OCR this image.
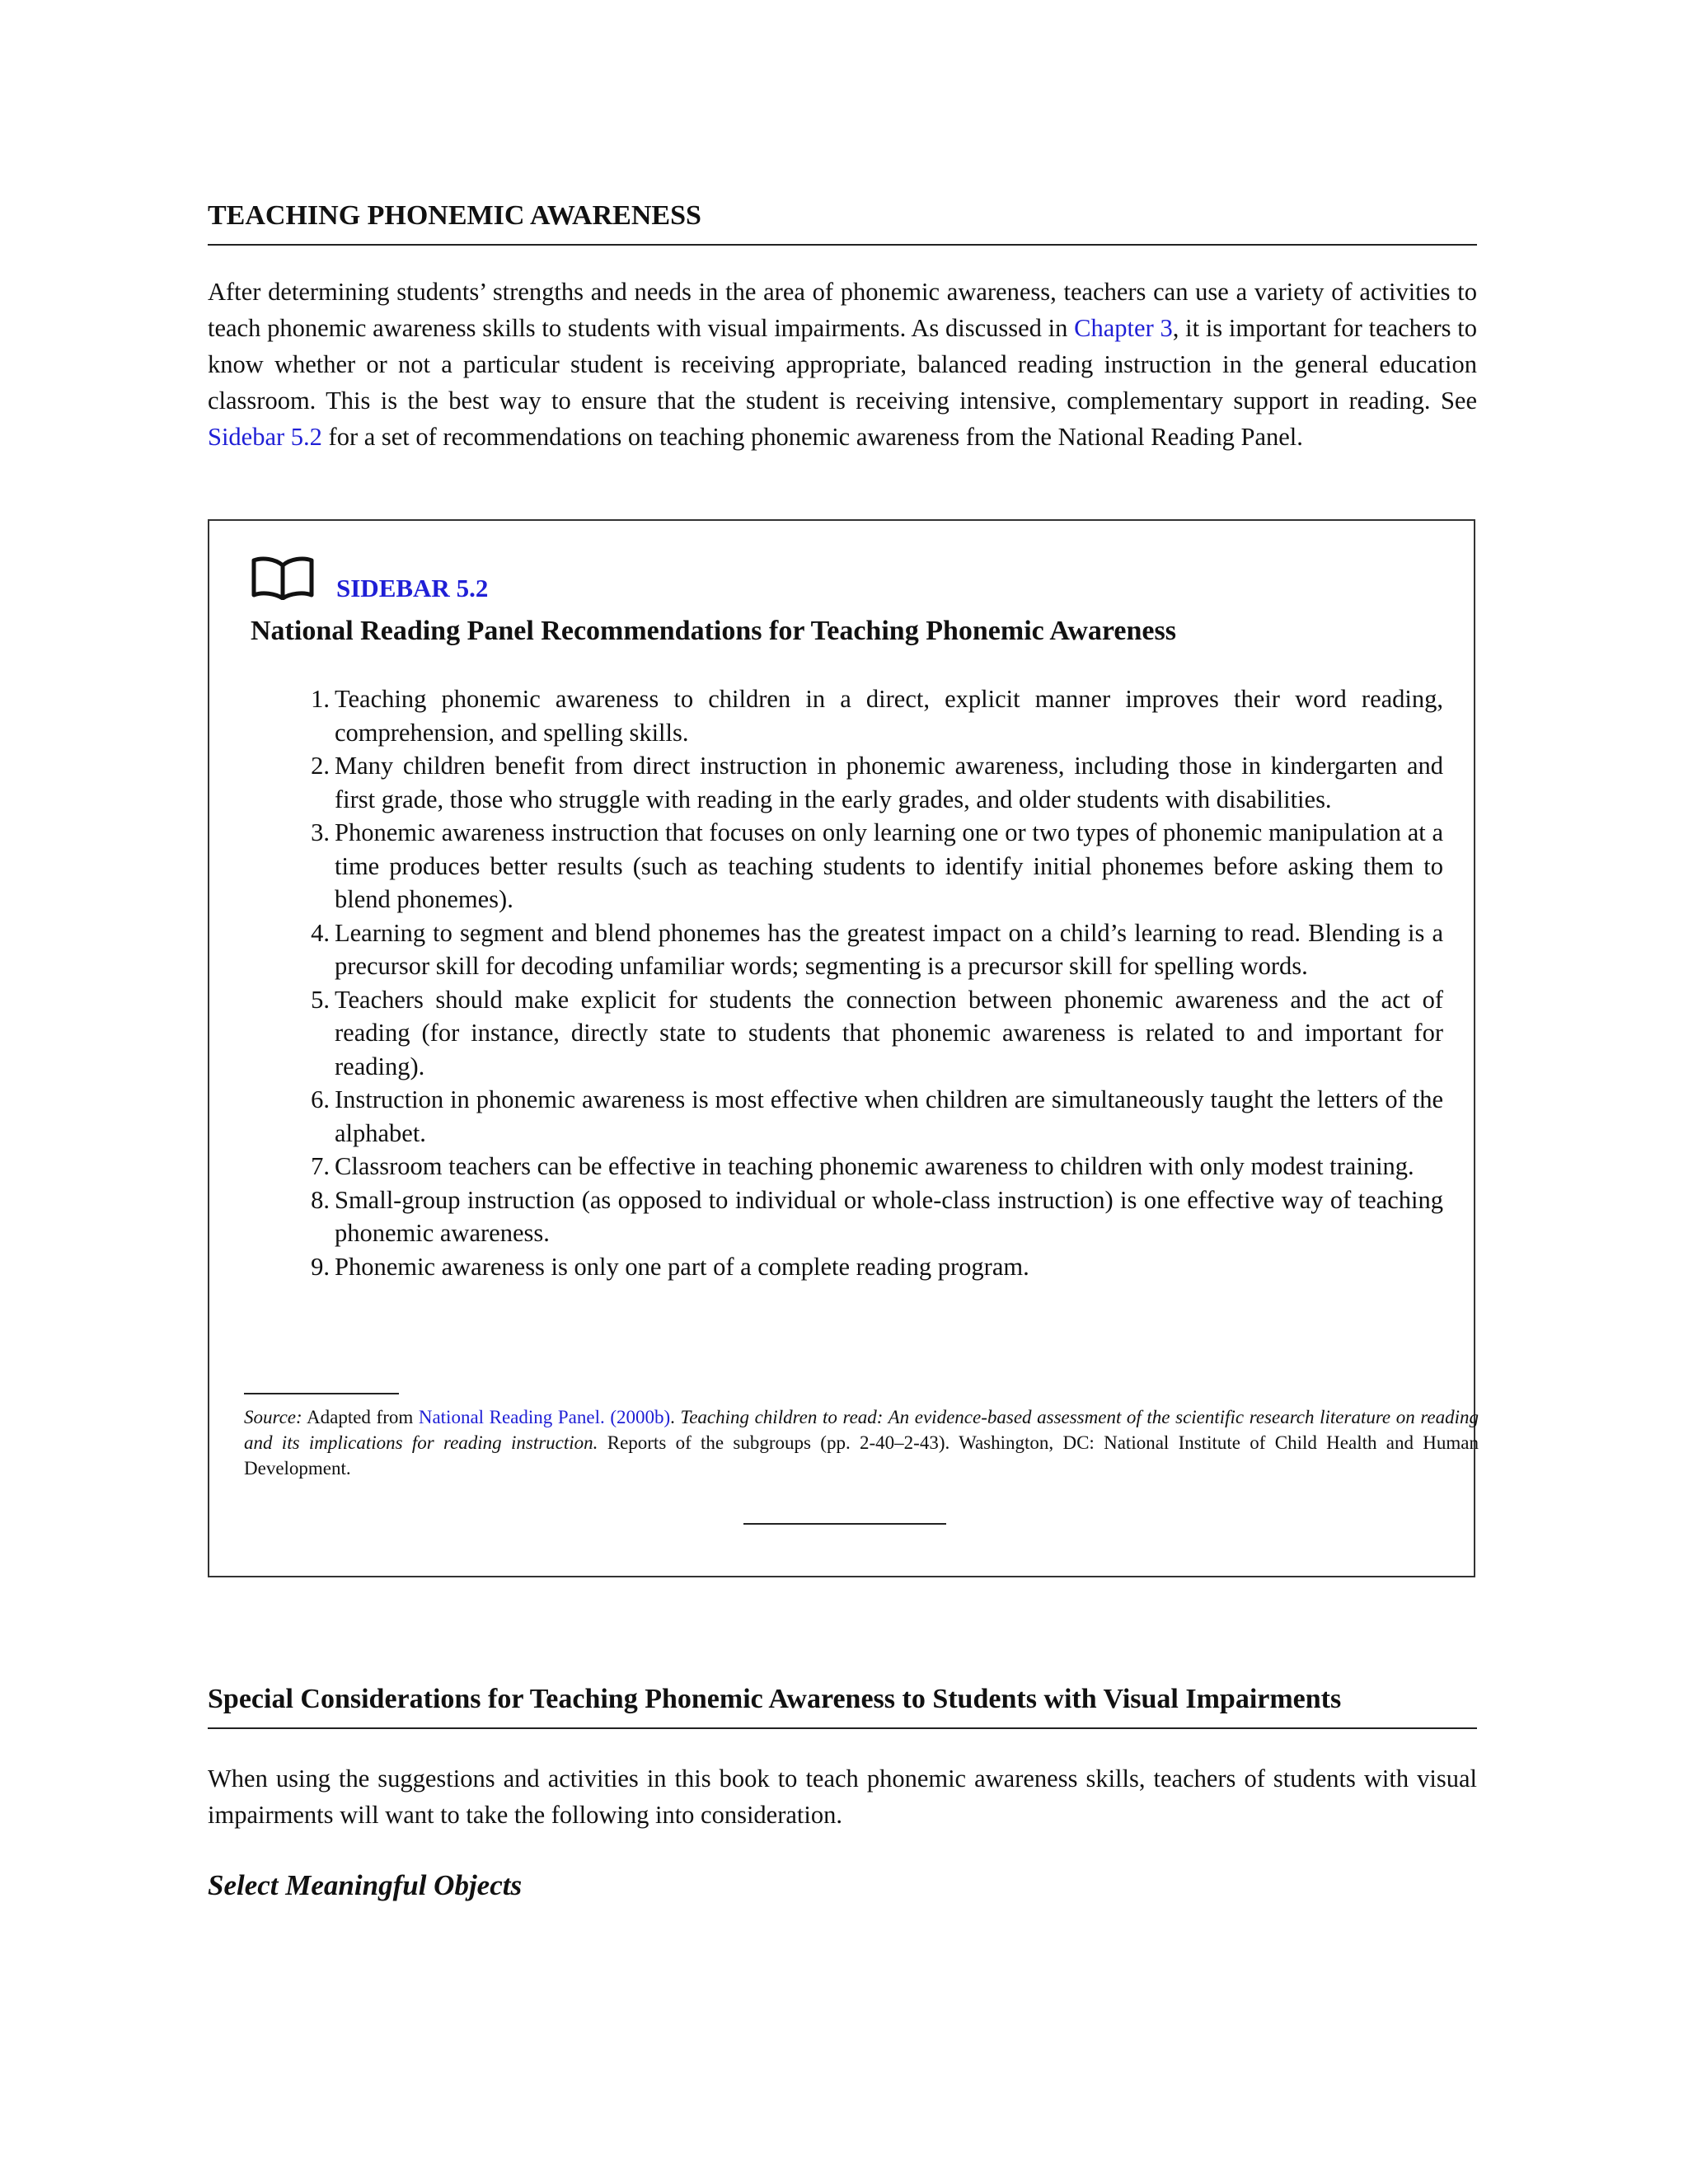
TEACHING PHONEMIC AWARENESS

After determining students’ strengths and needs in the area of phonemic awareness, teachers can use a variety of activities to teach phonemic awareness skills to students with visual impairments. As discussed in Chapter 3, it is important for teachers to know whether or not a particular student is receiving appropriate, balanced reading instruction in the general education classroom. This is the best way to ensure that the student is receiving intensive, complementary support in reading. See Sidebar 5.2 for a set of recommendations on teaching phonemic awareness from the National Reading Panel.

SIDEBAR 5.2
National Reading Panel Recommendations for Teaching Phonemic Awareness
1. Teaching phonemic awareness to children in a direct, explicit manner improves their word reading, comprehension, and spelling skills.
2. Many children benefit from direct instruction in phonemic awareness, including those in kindergarten and first grade, those who struggle with reading in the early grades, and older students with disabilities.
3. Phonemic awareness instruction that focuses on only learning one or two types of phonemic manipulation at a time produces better results (such as teaching students to identify initial phonemes before asking them to blend phonemes).
4. Learning to segment and blend phonemes has the greatest impact on a child’s learning to read. Blending is a precursor skill for decoding unfamiliar words; segmenting is a precursor skill for spelling words.
5. Teachers should make explicit for students the connection between phonemic awareness and the act of reading (for instance, directly state to students that phonemic awareness is related to and important for reading).
6. Instruction in phonemic awareness is most effective when children are simultaneously taught the letters of the alphabet.
7. Classroom teachers can be effective in teaching phonemic awareness to children with only modest training.
8. Small-group instruction (as opposed to individual or whole-class instruction) is one effective way of teaching phonemic awareness.
9. Phonemic awareness is only one part of a complete reading program.
Source: Adapted from National Reading Panel. (2000b). Teaching children to read: An evidence-based assessment of the scientific research literature on reading and its implications for reading instruction. Reports of the subgroups (pp. 2-40–2-43). Washington, DC: National Institute of Child Health and Human Development.
Special Considerations for Teaching Phonemic Awareness to Students with Visual Impairments

When using the suggestions and activities in this book to teach phonemic awareness skills, teachers of students with visual impairments will want to take the following into consideration.

Select Meaningful Objects
